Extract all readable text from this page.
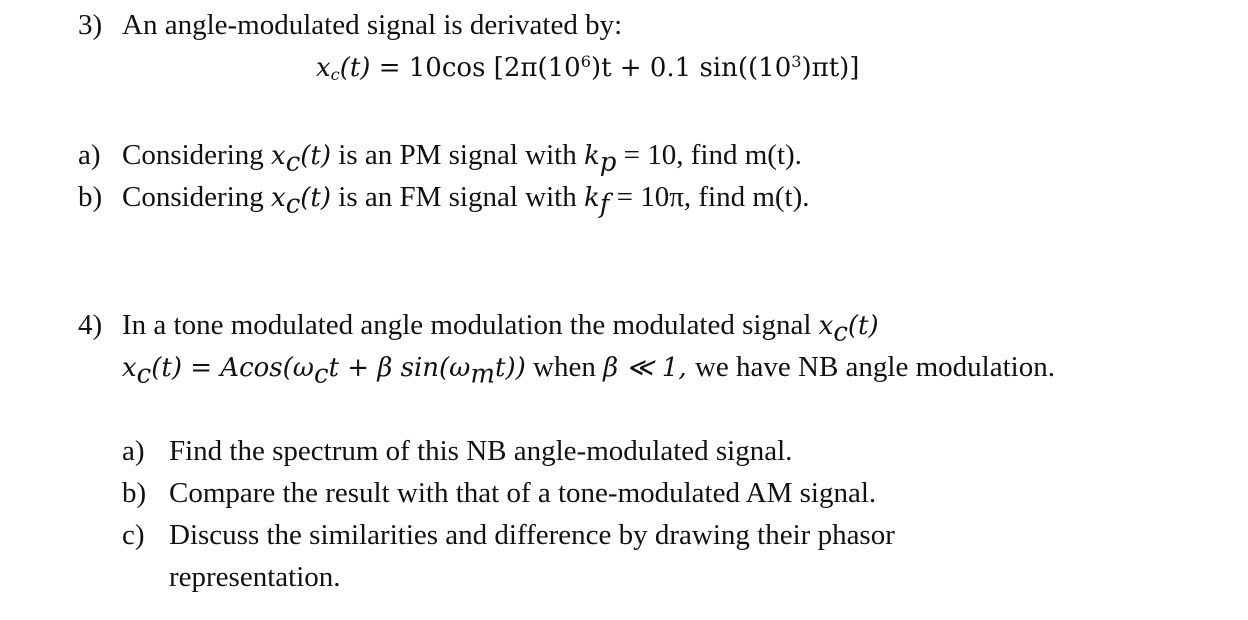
3) An angle-modulated signal is derivated by:
$x_c(t) = 10\cos$ [$2\pi(10^6)t + 0.1$ $\sin((10^3)\pi t)$]
a) Considering $x_c(t)$ is an PM signal with $k_p = 10$, find m(t).
b) Considering $x_c(t)$ is an FM signal with $k_f = 10\pi$, find m(t).
4) In a tone modulated angle modulation the modulated signal $x_c(t)$
$x_c(t) = Acos(\omega_ct + \beta$ $\sin(\omega_mt)$) when β ≪ 1, we have NB angle modulation.
a) Find the spectrum of this NB angle-modulated signal.
b) Compare the result with that of a tone-modulated AM signal.
c) Discuss the similarities and difference by drawing their phasor
representation.
